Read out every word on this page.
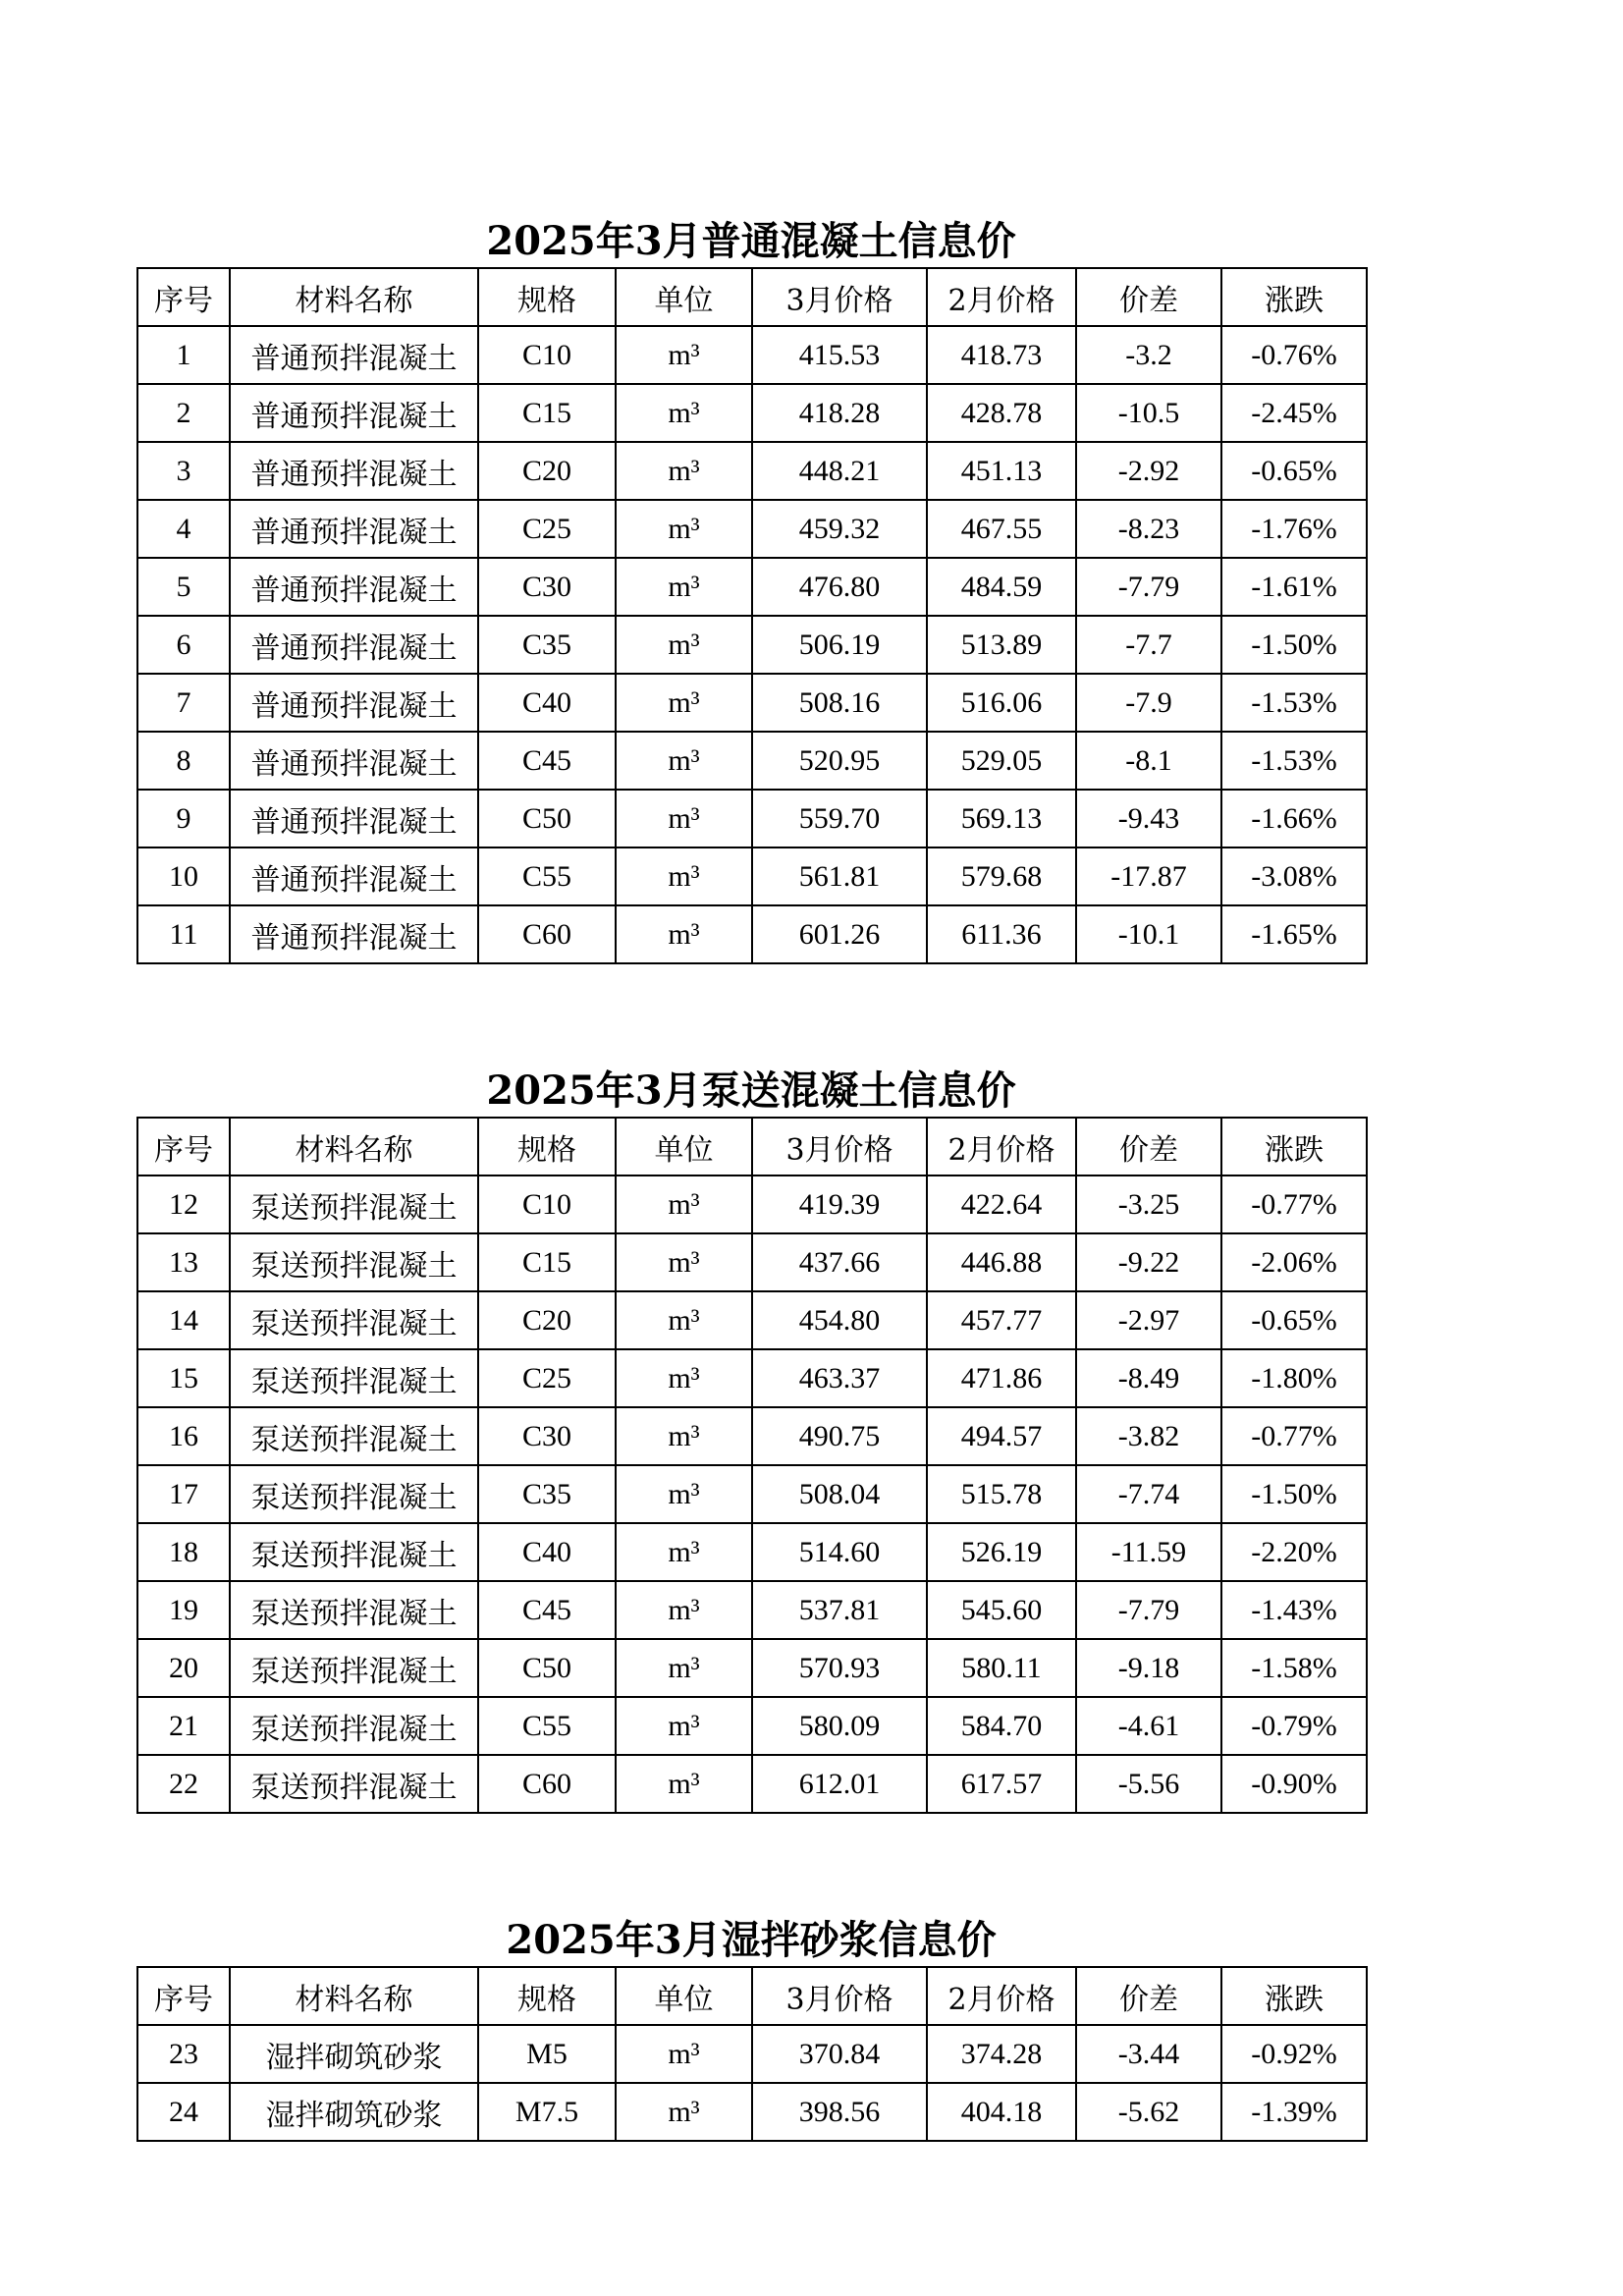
2025年3月普通混凝土信息价
序号	材料名称	规格	单位	3月价格	2月价格	价差	涨跌
1	普通预拌混凝土	C10	m³	415.53	418.73	-3.2	-0.76%
2	普通预拌混凝土	C15	m³	418.28	428.78	-10.5	-2.45%
3	普通预拌混凝土	C20	m³	448.21	451.13	-2.92	-0.65%
4	普通预拌混凝土	C25	m³	459.32	467.55	-8.23	-1.76%
5	普通预拌混凝土	C30	m³	476.80	484.59	-7.79	-1.61%
6	普通预拌混凝土	C35	m³	506.19	513.89	-7.7	-1.50%
7	普通预拌混凝土	C40	m³	508.16	516.06	-7.9	-1.53%
8	普通预拌混凝土	C45	m³	520.95	529.05	-8.1	-1.53%
9	普通预拌混凝土	C50	m³	559.70	569.13	-9.43	-1.66%
10	普通预拌混凝土	C55	m³	561.81	579.68	-17.87	-3.08%
11	普通预拌混凝土	C60	m³	601.26	611.36	-10.1	-1.65%
2025年3月泵送混凝土信息价
序号	材料名称	规格	单位	3月价格	2月价格	价差	涨跌
12	泵送预拌混凝土	C10	m³	419.39	422.64	-3.25	-0.77%
13	泵送预拌混凝土	C15	m³	437.66	446.88	-9.22	-2.06%
14	泵送预拌混凝土	C20	m³	454.80	457.77	-2.97	-0.65%
15	泵送预拌混凝土	C25	m³	463.37	471.86	-8.49	-1.80%
16	泵送预拌混凝土	C30	m³	490.75	494.57	-3.82	-0.77%
17	泵送预拌混凝土	C35	m³	508.04	515.78	-7.74	-1.50%
18	泵送预拌混凝土	C40	m³	514.60	526.19	-11.59	-2.20%
19	泵送预拌混凝土	C45	m³	537.81	545.60	-7.79	-1.43%
20	泵送预拌混凝土	C50	m³	570.93	580.11	-9.18	-1.58%
21	泵送预拌混凝土	C55	m³	580.09	584.70	-4.61	-0.79%
22	泵送预拌混凝土	C60	m³	612.01	617.57	-5.56	-0.90%
2025年3月湿拌砂浆信息价
序号	材料名称	规格	单位	3月价格	2月价格	价差	涨跌
23	湿拌砌筑砂浆	M5	m³	370.84	374.28	-3.44	-0.92%
24	湿拌砌筑砂浆	M7.5	m³	398.56	404.18	-5.62	-1.39%
